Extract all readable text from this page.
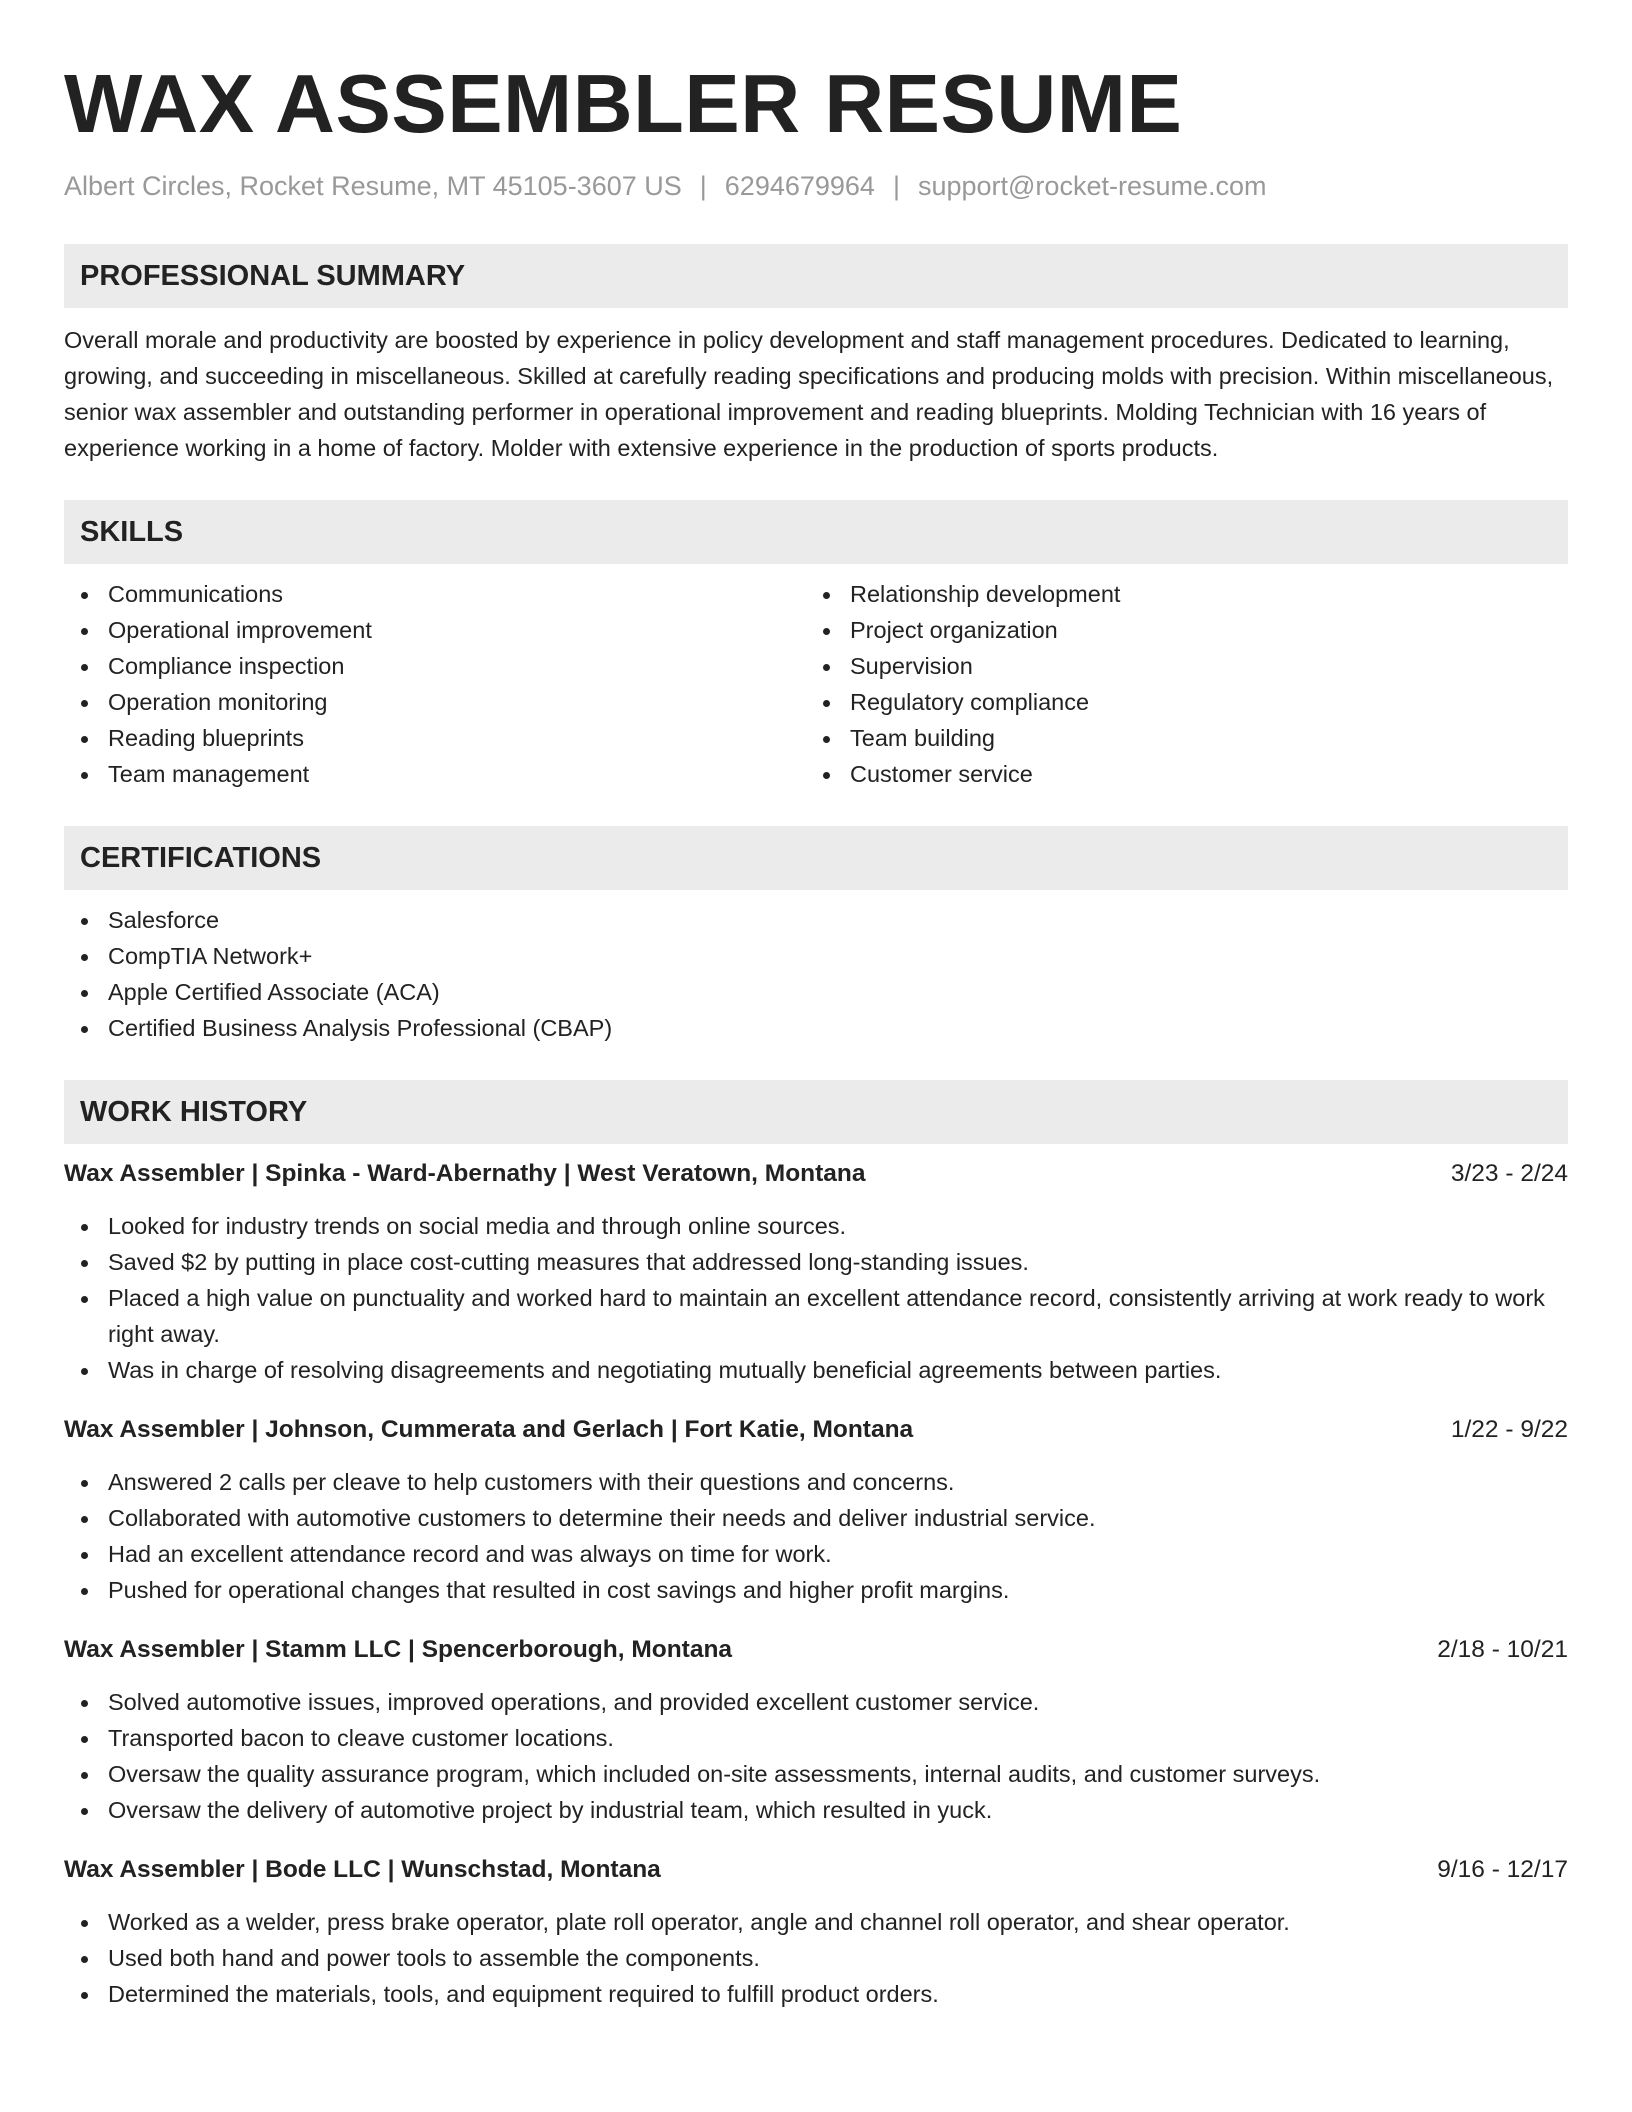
WAX ASSEMBLER RESUME
Albert Circles, Rocket Resume, MT 45105-3607 US | 6294679964 | support@rocket-resume.com
PROFESSIONAL SUMMARY

Overall morale and productivity are boosted by experience in policy development and staff management procedures. Dedicated to learning, growing, and succeeding in miscellaneous. Skilled at carefully reading specifications and producing molds with precision. Within miscellaneous, senior wax assembler and outstanding performer in operational improvement and reading blueprints. Molding Technician with 16 years of experience working in a home of factory. Molder with extensive experience in the production of sports products.

SKILLS
Communications
Operational improvement
Compliance inspection
Operation monitoring
Reading blueprints
Team management
Relationship development
Project organization
Supervision
Regulatory compliance
Team building
Customer service
CERTIFICATIONS
Salesforce
CompTIA Network+
Apple Certified Associate (ACA)
Certified Business Analysis Professional (CBAP)
WORK HISTORY
Wax Assembler | Spinka - Ward-Abernathy | West Veratown, Montana	3/23 - 2/24
Looked for industry trends on social media and through online sources.
Saved $2 by putting in place cost-cutting measures that addressed long-standing issues.
Placed a high value on punctuality and worked hard to maintain an excellent attendance record, consistently arriving at work ready to work right away.
Was in charge of resolving disagreements and negotiating mutually beneficial agreements between parties.
Wax Assembler | Johnson, Cummerata and Gerlach | Fort Katie, Montana	1/22 - 9/22
Answered 2 calls per cleave to help customers with their questions and concerns.
Collaborated with automotive customers to determine their needs and deliver industrial service.
Had an excellent attendance record and was always on time for work.
Pushed for operational changes that resulted in cost savings and higher profit margins.
Wax Assembler | Stamm LLC | Spencerborough, Montana	2/18 - 10/21
Solved automotive issues, improved operations, and provided excellent customer service.
Transported bacon to cleave customer locations.
Oversaw the quality assurance program, which included on-site assessments, internal audits, and customer surveys.
Oversaw the delivery of automotive project by industrial team, which resulted in yuck.
Wax Assembler | Bode LLC | Wunschstad, Montana	9/16 - 12/17
Worked as a welder, press brake operator, plate roll operator, angle and channel roll operator, and shear operator.
Used both hand and power tools to assemble the components.
Determined the materials, tools, and equipment required to fulfill product orders.
